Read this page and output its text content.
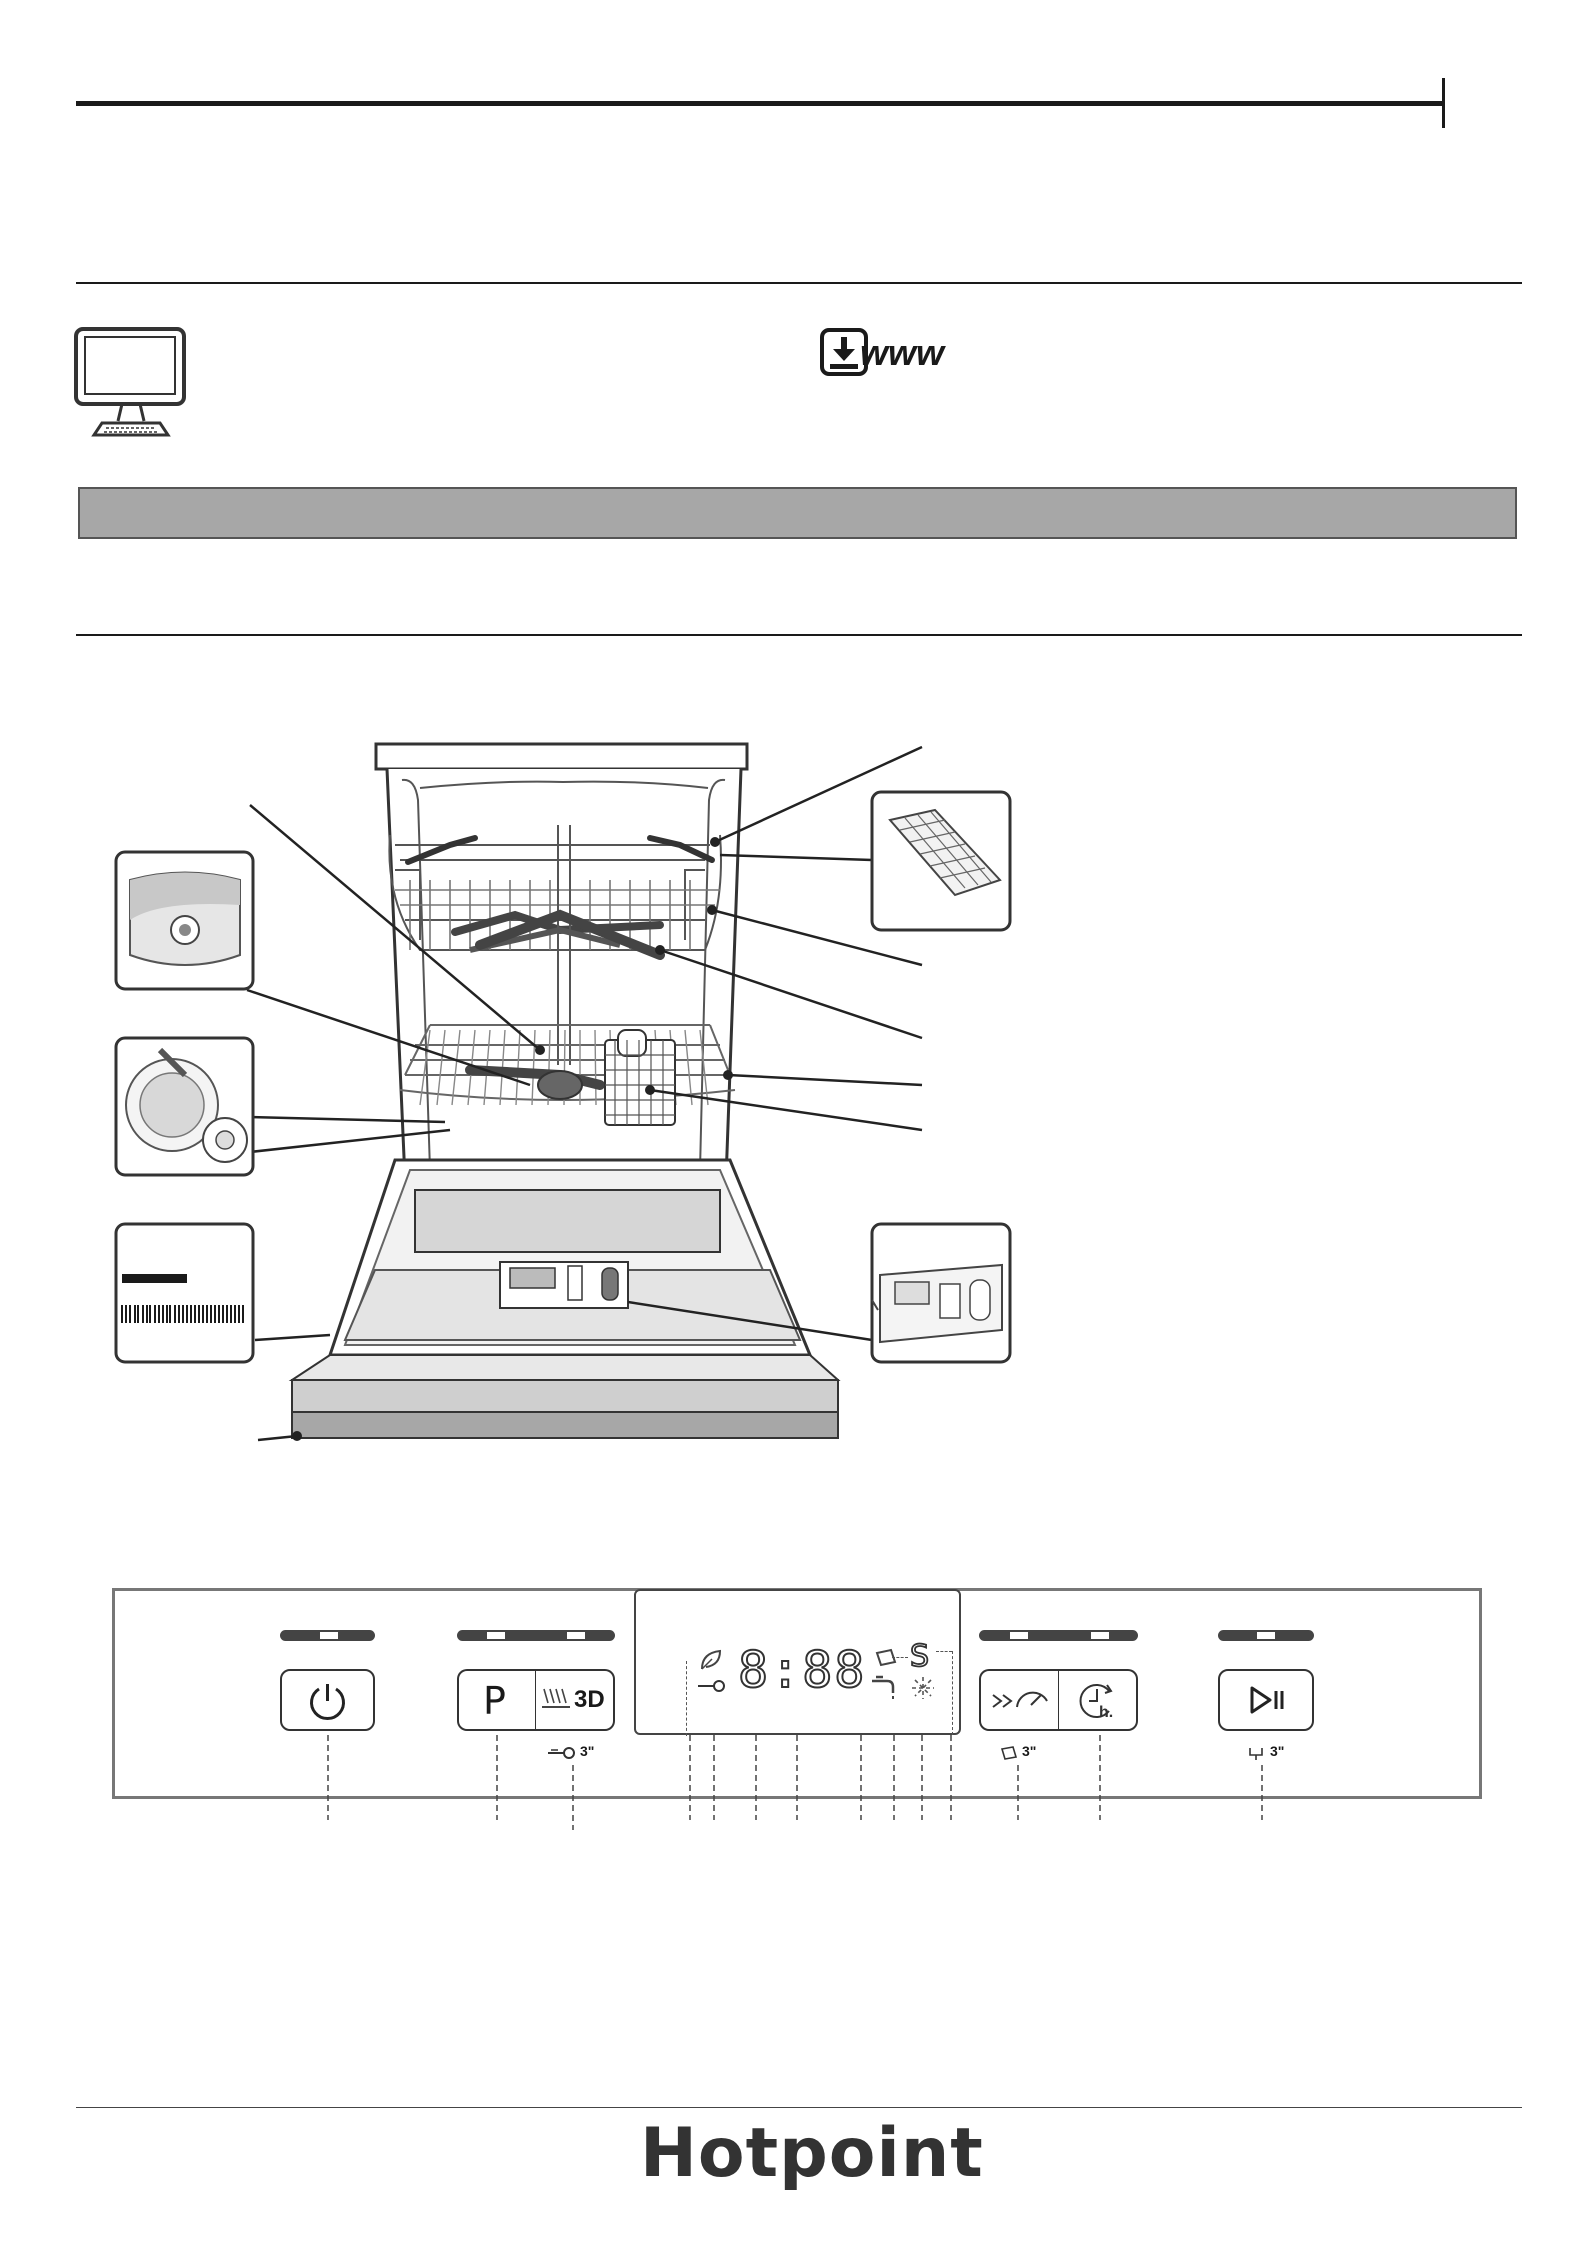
www
P	3D
3"
8:88 S
h.
3"	3"
Hotpoint
